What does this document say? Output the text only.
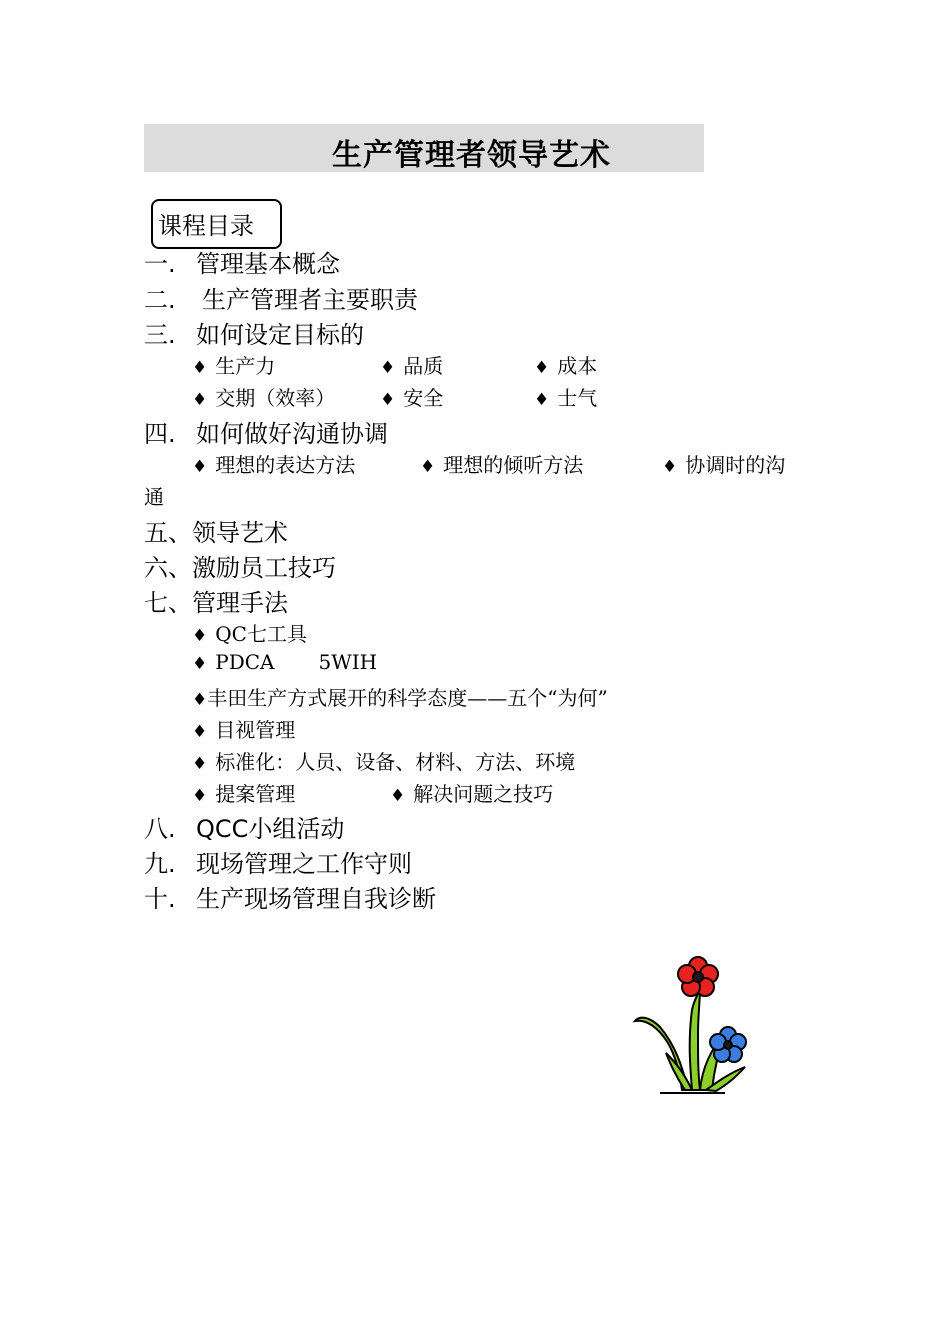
生产管理者领导艺术
课程目录
一. 管理基本概念
二. 生产管理者主要职责
三. 如何设定目标的
♦ 生产力	♦ 品质	♦ 成本
♦ 交期（效率）	♦ 安全	♦ 士气
四. 如何做好沟通协调
♦ 理想的表达方法	♦ 理想的倾听方法	♦ 协调时的沟
通
五、领导艺术
六、激励员工技巧
七、管理手法
♦ QC七工具
♦ PDCA 5WIH
♦丰田生产方式展开的科学态度——五个“为何”
♦ 目视管理
♦ 标准化：人员、设备、材料、方法、环境
♦ 提案管理	♦ 解决问题之技巧
八. QCC小组活动
九. 现场管理之工作守则
十. 生产现场管理自我诊断
